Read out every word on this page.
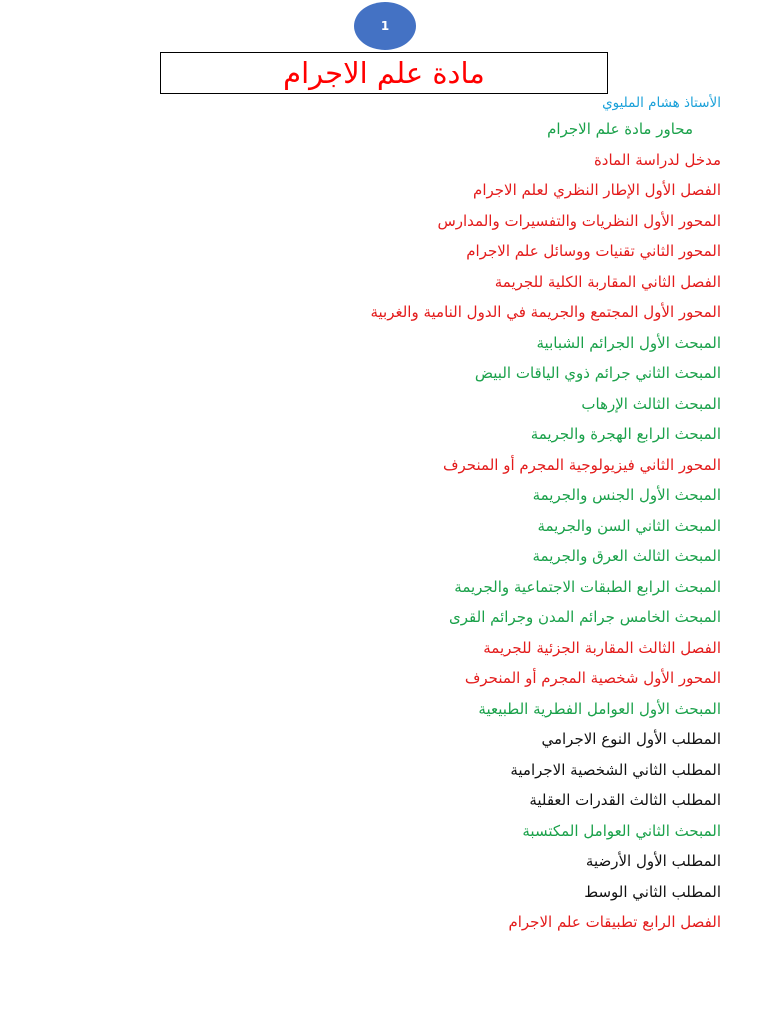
1
مادة علم الاجرام
الأستاذ هشام المليوي
محاور مادة علم الاجرام
مدخل لدراسة المادة
الفصل الأول الإطار النظري لعلم الاجرام
المحور الأول النظريات والتفسيرات والمدارس
المحور الثاني تقنيات ووسائل علم الاجرام
الفصل الثاني المقاربة الكلية للجريمة
المحور الأول المجتمع والجريمة في الدول النامية والغربية
المبحث الأول الجرائم الشبابية
المبحث الثاني جرائم ذوي الياقات البيض
المبحث الثالث الإرهاب
المبحث الرابع الهجرة والجريمة
المحور الثاني فيزيولوجية المجرم أو المنحرف
المبحث الأول الجنس والجريمة
المبحث الثاني السن والجريمة
المبحث الثالث العرق والجريمة
المبحث الرابع الطبقات الاجتماعية والجريمة
المبحث الخامس جرائم المدن وجرائم القرى
الفصل الثالث المقاربة الجزئية للجريمة
المحور الأول شخصية المجرم أو المنحرف
المبحث الأول العوامل الفطرية الطبيعية
المطلب الأول النوع الاجرامي
المطلب الثاني الشخصية الاجرامية
المطلب الثالث القدرات العقلية
المبحث الثاني العوامل المكتسبة
المطلب الأول الأرضية
المطلب الثاني الوسط
الفصل الرابع تطبيقات علم الاجرام
